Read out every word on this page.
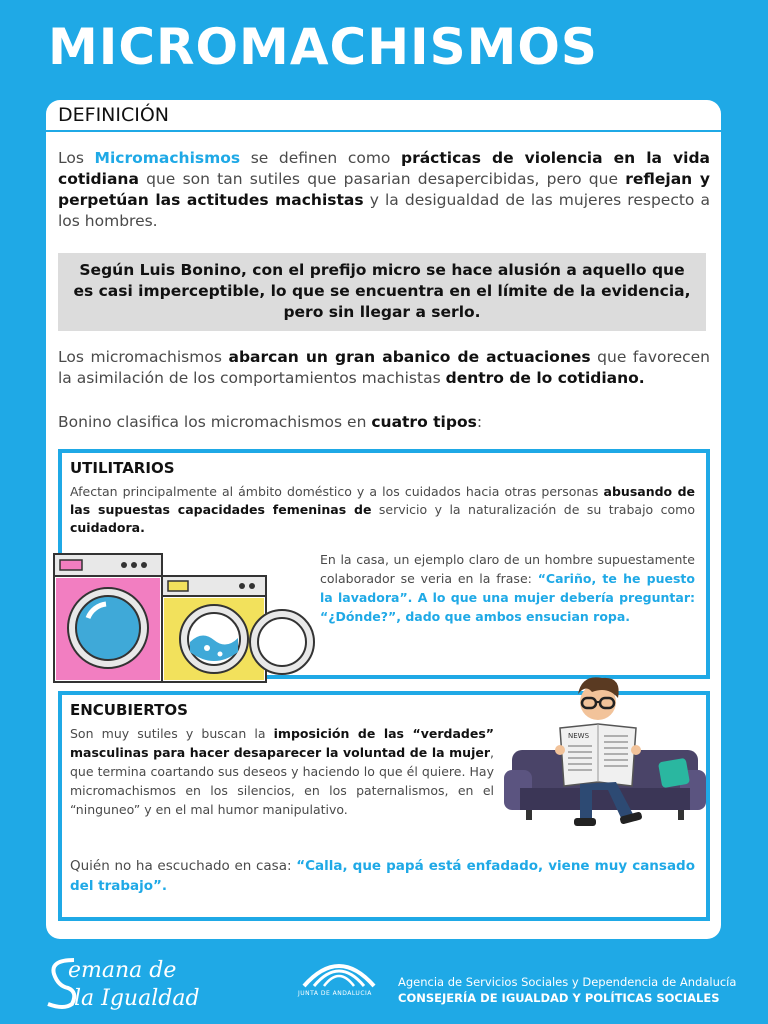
MICROMACHISMOS
DEFINICIÓN

Los Micromachismos se definen como prácticas de violencia en la vida cotidiana que son tan sutiles que pasarian desapercibidas, pero que reflejan y perpetúan las actitudes machistas y la desigualdad de las mujeres respecto a los hombres.

Según Luis Bonino, con el prefijo micro se hace alusión a aquello que es casi imperceptible, lo que se encuentra en el límite de la evidencia, pero sin llegar a serlo.

Los micromachismos abarcan un gran abanico de actuaciones que favorecen la asimilación de los comportamientos machistas dentro de lo cotidiano.

Bonino clasifica los micromachismos en cuatro tipos:

UTILITARIOS

Afectan principalmente al ámbito doméstico y a los cuidados hacia otras personas abusando de las supuestas capacidades femeninas de servicio y la naturalización de su trabajo como cuidadora.

En la casa, un ejemplo claro de un hombre supuestamente colaborador se veria en la frase: “Cariño, te he puesto la lavadora”. A lo que una mujer debería preguntar: “¿Dónde?”, dado que ambos ensucian ropa.

ENCUBIERTOS

Son muy sutiles y buscan la imposición de las “verdades” masculinas para hacer desaparecer la voluntad de la mujer, que termina coartando sus deseos y haciendo lo que él quiere. Hay micromachismos en los silencios, en los paternalismos, en el “ninguneo” y en el mal humor manipulativo.

Quién no ha escuchado en casa: “Calla, que papá está enfadado, viene muy cansado del trabajo”.

NEWS
emana de
la Igualdad	JUNTA DE ANDALUCIA
Agencia de Servicios Sociales y Dependencia de Andalucía
CONSEJERÍA DE IGUALDAD Y POLÍTICAS SOCIALES
